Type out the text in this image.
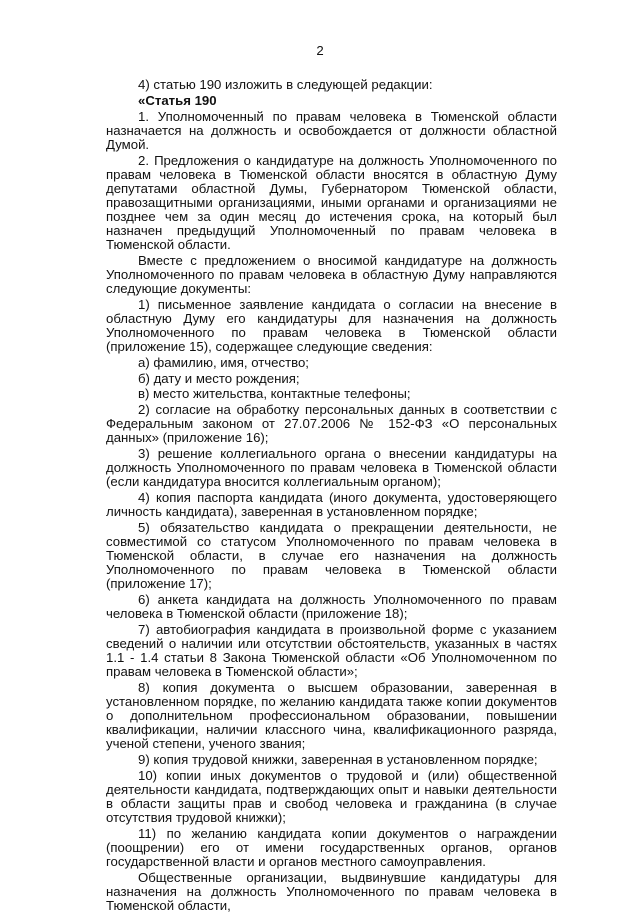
2

4) статью 190 изложить в следующей редакции:

«Статья 190

1. Уполномоченный по правам человека в Тюменской области назначается на должность и освобождается от должности областной Думой.

2. Предложения о кандидатуре на должность Уполномоченного по правам человека в Тюменской области вносятся в областную Думу депутатами областной Думы, Губернатором Тюменской области, правозащитными организациями, иными органами и организациями не позднее чем за один месяц до истечения срока, на который был назначен предыдущий Уполномоченный по правам человека в Тюменской области.

Вместе с предложением о вносимой кандидатуре на должность Уполномоченного по правам человека в областную Думу направляются следующие документы:

1) письменное заявление кандидата о согласии на внесение в областную Думу его кандидатуры для назначения на должность Уполномоченного по правам человека в Тюменской области (приложение 15), содержащее следующие сведения:

а) фамилию, имя, отчество;

б) дату и место рождения;

в) место жительства, контактные телефоны;

2) согласие на обработку персональных данных в соответствии с Федеральным законом от 27.07.2006 № 152-ФЗ «О персональных данных» (приложение 16);

3) решение коллегиального органа о внесении кандидатуры на должность Уполномоченного по правам человека в Тюменской области (если кандидатура вносится коллегиальным органом);

4) копия паспорта кандидата (иного документа, удостоверяющего личность кандидата), заверенная в установленном порядке;

5) обязательство кандидата о прекращении деятельности, не совместимой со статусом Уполномоченного по правам человека в Тюменской области, в случае его назначения на должность Уполномоченного по правам человека в Тюменской области (приложение 17);

6) анкета кандидата на должность Уполномоченного по правам человека в Тюменской области (приложение 18);

7) автобиография кандидата в произвольной форме с указанием сведений о наличии или отсутствии обстоятельств, указанных в частях 1.1 - 1.4 статьи 8 Закона Тюменской области «Об Уполномоченном по правам человека в Тюменской области»;

8) копия документа о высшем образовании, заверенная в установленном порядке, по желанию кандидата также копии документов о дополнительном профессиональном образовании, повышении квалификации, наличии классного чина, квалификационного разряда, ученой степени, ученого звания;

9) копия трудовой книжки, заверенная в установленном порядке;

10) копии иных документов о трудовой и (или) общественной деятельности кандидата, подтверждающих опыт и навыки деятельности в области защиты прав и свобод человека и гражданина (в случае отсутствия трудовой книжки);

11) по желанию кандидата копии документов о награждении (поощрении) его от имени государственных органов, органов государственной власти и органов местного самоуправления.

Общественные организации, выдвинувшие кандидатуры для назначения на должность Уполномоченного по правам человека в Тюменской области,
